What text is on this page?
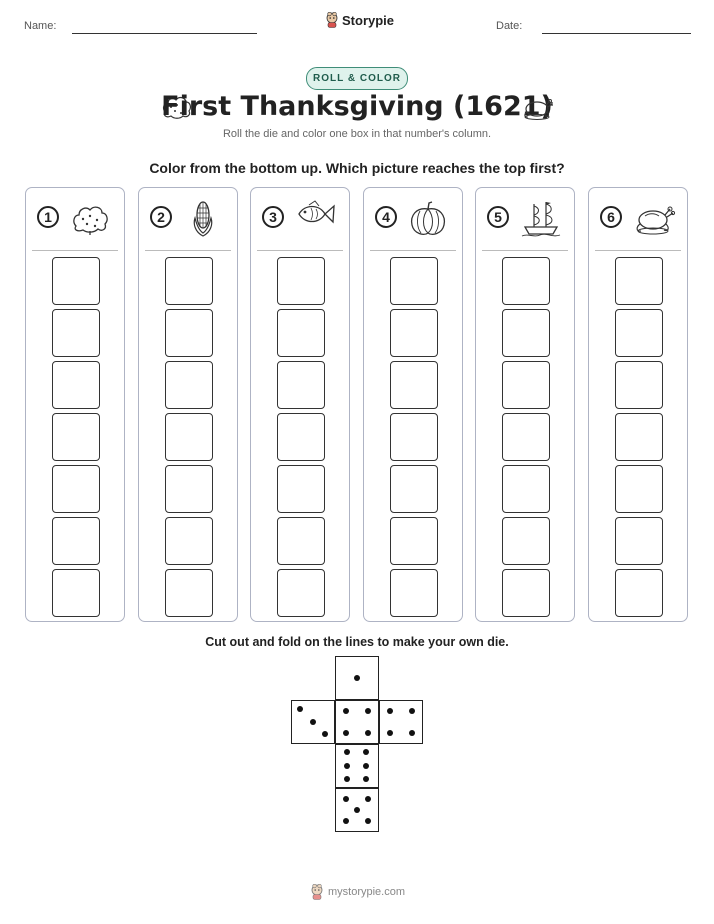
Name:	Storypie	Date:
ROLL & COLOR
First Thanksgiving (1621)
Roll the die and color one box in that number's column.
Color from the bottom up. Which picture reaches the top first?
1	2	3	4	5	6
Cut out and fold on the lines to make your own die.
mystorypie.com
